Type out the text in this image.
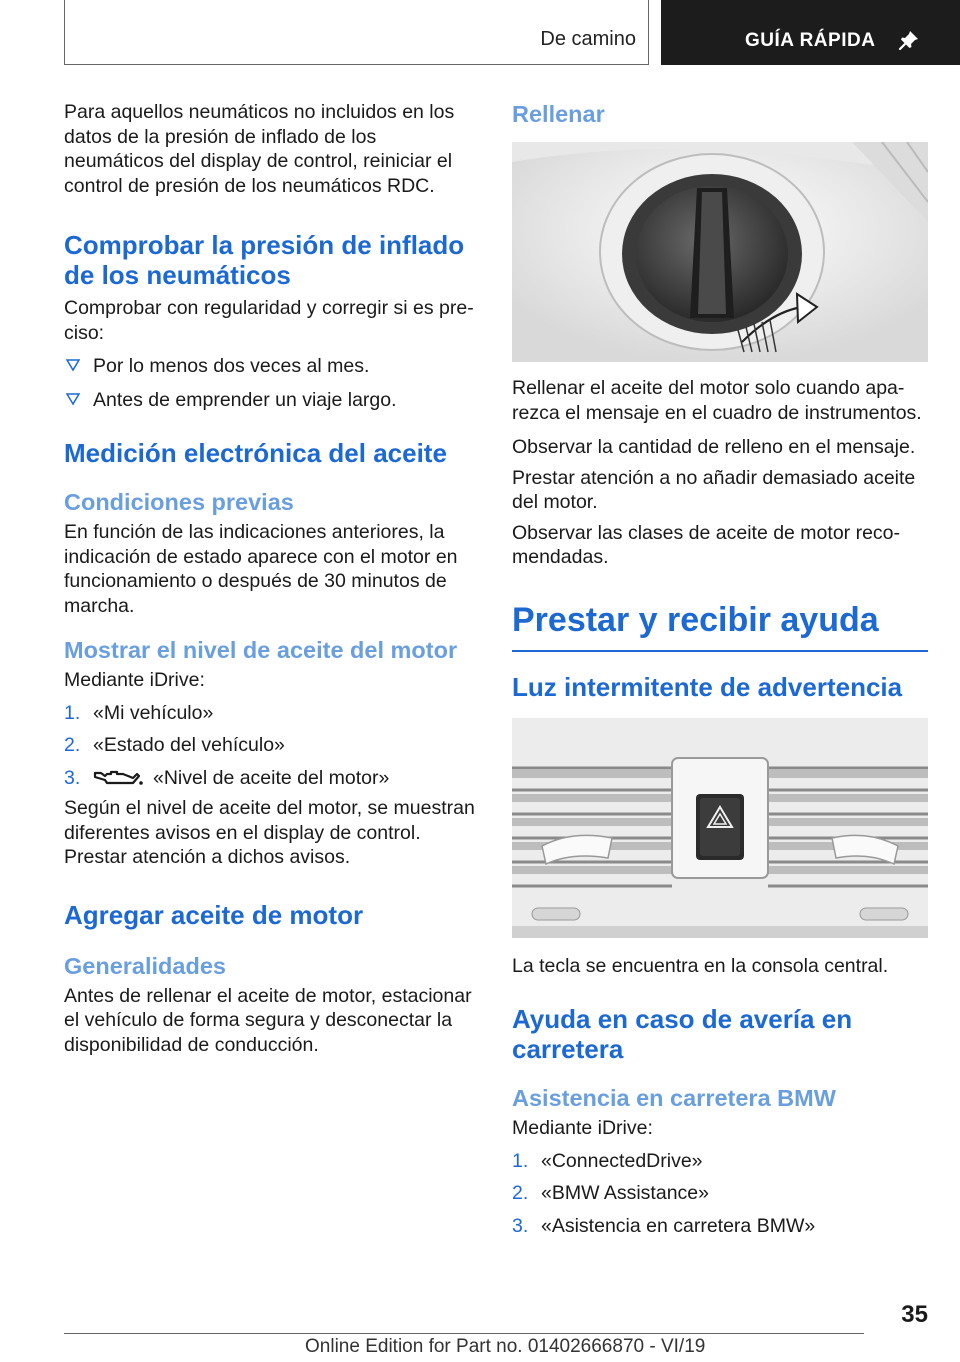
De camino	GUÍA RÁPIDA

Para aquellos neumáticos no incluidos en los datos de la presión de inflado de los neumáticos del display de control, reiniciar el control de presión de los neumáticos RDC.

Comprobar la presión de inflado de los neumáticos

Comprobar con regularidad y corregir si es preciso:

Por lo menos dos veces al mes.
Antes de emprender un viaje largo.
Medición electrónica del aceite
Condiciones previas

En función de las indicaciones anteriores, la indicación de estado aparece con el motor en funcionamiento o después de 30 minutos de marcha.

Mostrar el nivel de aceite del motor

Mediante iDrive:

1. «Mi vehículo»
2. «Estado del vehículo»
3.	«Nivel de aceite del motor»

Según el nivel de aceite del motor, se muestran diferentes avisos en el display de control. Prestar atención a dichos avisos.

Agregar aceite de motor
Generalidades

Antes de rellenar el aceite de motor, estacionar el vehículo de forma segura y desconectar la disponibilidad de conducción.

Rellenar

Rellenar el aceite del motor solo cuando aparezca el mensaje en el cuadro de instrumentos.

Observar la cantidad de relleno en el mensaje.

Prestar atención a no añadir demasiado aceite del motor.

Observar las clases de aceite de motor recomendadas.

Prestar y recibir ayuda
Luz intermitente de advertencia

La tecla se encuentra en la consola central.

Ayuda en caso de avería en carretera
Asistencia en carretera BMW

Mediante iDrive:

1. «ConnectedDrive»
2. «BMW Assistance»
3. «Asistencia en carretera BMW»
35
Online Edition for Part no. 01402666870 - VI/19
